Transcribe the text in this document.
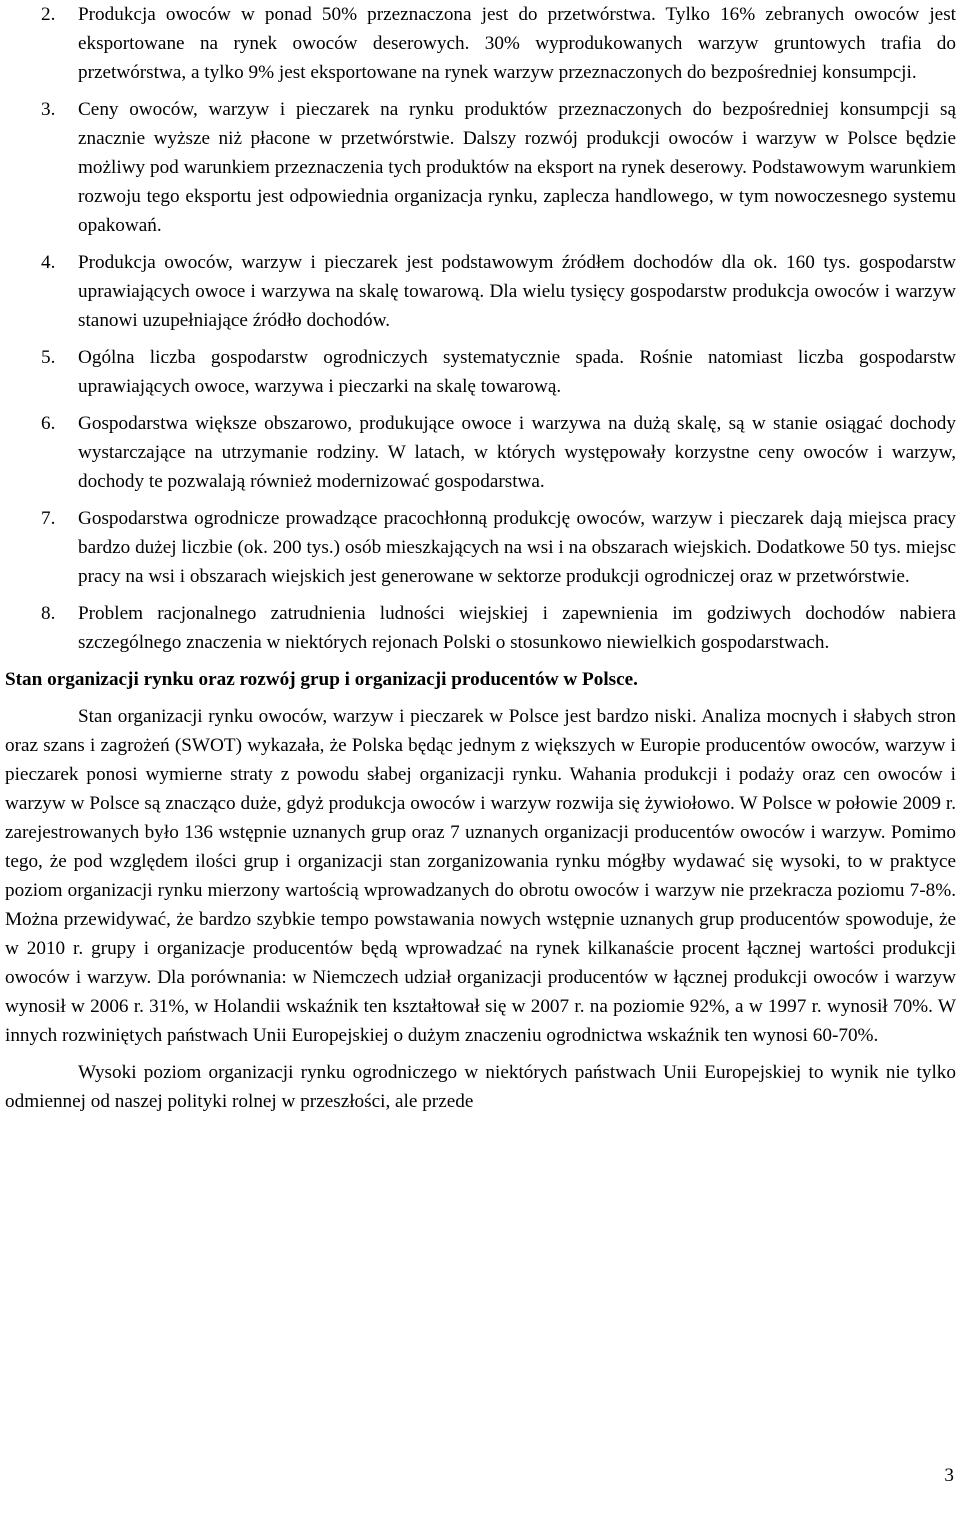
2. Produkcja owoców w ponad 50% przeznaczona jest do przetwórstwa. Tylko 16% zebranych owoców jest eksportowane na rynek owoców deserowych. 30% wyprodukowanych warzyw gruntowych trafia do przetwórstwa, a tylko 9% jest eksportowane na rynek warzyw przeznaczonych do bezpośredniej konsumpcji.
3. Ceny owoców, warzyw i pieczarek na rynku produktów przeznaczonych do bezpośredniej konsumpcji są znacznie wyższe niż płacone w przetwórstwie. Dalszy rozwój produkcji owoców i warzyw w Polsce będzie możliwy pod warunkiem przeznaczenia tych produktów na eksport na rynek deserowy. Podstawowym warunkiem rozwoju tego eksportu jest odpowiednia organizacja rynku, zaplecza handlowego, w tym nowoczesnego systemu opakowań.
4. Produkcja owoców, warzyw i pieczarek jest podstawowym źródłem dochodów dla ok. 160 tys. gospodarstw uprawiających owoce i warzywa na skalę towarową. Dla wielu tysięcy gospodarstw produkcja owoców i warzyw stanowi uzupełniające źródło dochodów.
5. Ogólna liczba gospodarstw ogrodniczych systematycznie spada. Rośnie natomiast liczba gospodarstw uprawiających owoce, warzywa i pieczarki na skalę towarową.
6. Gospodarstwa większe obszarowo, produkujące owoce i warzywa na dużą skalę, są w stanie osiągać dochody wystarczające na utrzymanie rodziny. W latach, w których występowały korzystne ceny owoców i warzyw, dochody te pozwalają również modernizować gospodarstwa.
7. Gospodarstwa ogrodnicze prowadzące pracochłonną produkcję owoców, warzyw i pieczarek dają miejsca pracy bardzo dużej liczbie (ok. 200 tys.) osób mieszkających na wsi i na obszarach wiejskich. Dodatkowe 50 tys. miejsc pracy na wsi i obszarach wiejskich jest generowane w sektorze produkcji ogrodniczej oraz w przetwórstwie.
8. Problem racjonalnego zatrudnienia ludności wiejskiej i zapewnienia im godziwych dochodów nabiera szczególnego znaczenia w niektórych rejonach Polski o stosunkowo niewielkich gospodarstwach.
Stan organizacji rynku oraz rozwój grup i organizacji producentów w Polsce.

Stan organizacji rynku owoców, warzyw i pieczarek w Polsce jest bardzo niski. Analiza mocnych i słabych stron oraz szans i zagrożeń (SWOT) wykazała, że Polska będąc jednym z większych w Europie producentów owoców, warzyw i pieczarek ponosi wymierne straty z powodu słabej organizacji rynku. Wahania produkcji i podaży oraz cen owoców i warzyw w Polsce są znacząco duże, gdyż produkcja owoców i warzyw rozwija się żywiołowo. W Polsce w połowie 2009 r. zarejestrowanych było 136 wstępnie uznanych grup oraz 7 uznanych organizacji producentów owoców i warzyw. Pomimo tego, że pod względem ilości grup i organizacji stan zorganizowania rynku mógłby wydawać się wysoki, to w praktyce poziom organizacji rynku mierzony wartością wprowadzanych do obrotu owoców i warzyw nie przekracza poziomu 7-8%. Można przewidywać, że bardzo szybkie tempo powstawania nowych wstępnie uznanych grup producentów spowoduje, że w 2010 r. grupy i organizacje producentów będą wprowadzać na rynek kilkanaście procent łącznej wartości produkcji owoców i warzyw. Dla porównania: w Niemczech udział organizacji producentów w łącznej produkcji owoców i warzyw wynosił w 2006 r. 31%, w Holandii wskaźnik ten kształtował się w 2007 r. na poziomie 92%, a w 1997 r. wynosił 70%. W innych rozwiniętych państwach Unii Europejskiej o dużym znaczeniu ogrodnictwa wskaźnik ten wynosi 60-70%.

Wysoki poziom organizacji rynku ogrodniczego w niektórych państwach Unii Europejskiej to wynik nie tylko odmiennej od naszej polityki rolnej w przeszłości, ale przede

3
